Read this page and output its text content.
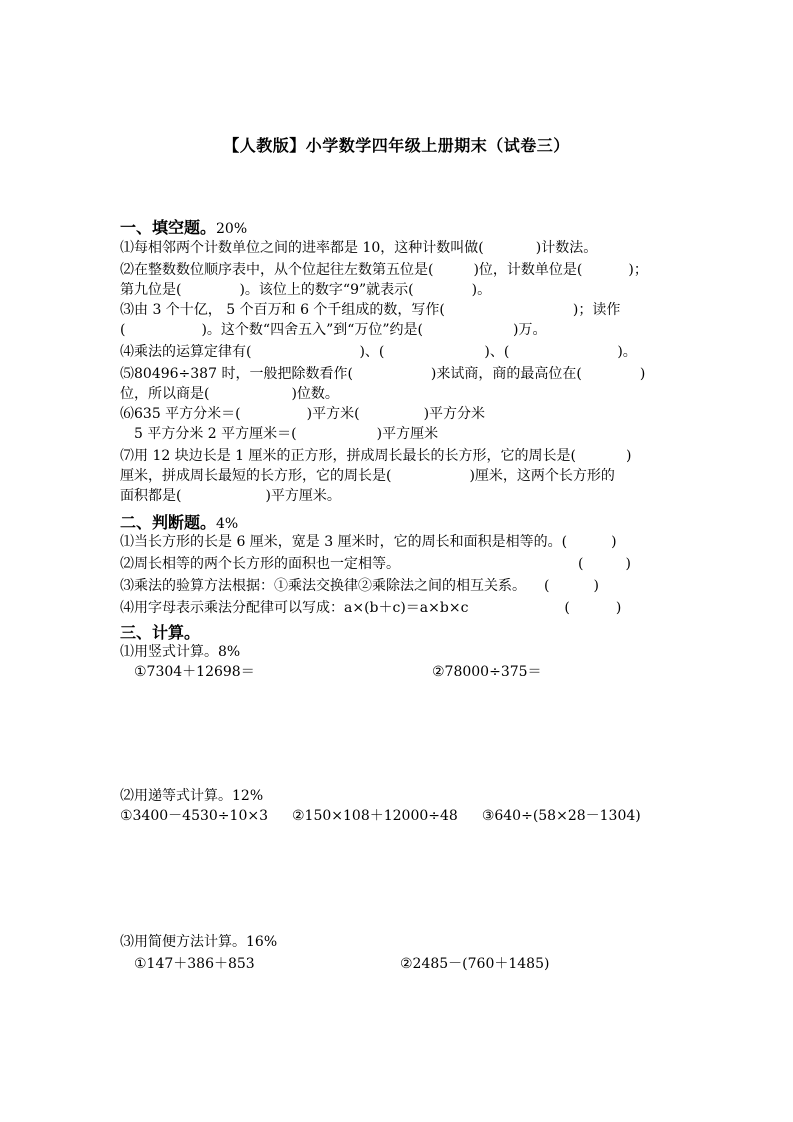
【人教版】小学数学四年级上册期末（试卷三）
一、填空题。20%
⑴每相邻两个计数单位之间的进率都是 10，这种计数叫做(	)计数法。
⑵在整数数位顺序表中，从个位起往左数第五位是(	)位，计数单位是(	)；
第九位是(	)。该位上的数字“9”就表示(	)。
⑶由 3 个十亿， 5 个百万和 6 个千组成的数，写作(	)；读作
(	)。这个数“四舍五入”到“万位”约是(	)万。
⑷乘法的运算定律有(	)、(	)、(	)。
⑸80496÷387 时，一般把除数看作(	)来试商，商的最高位在(	)
位，所以商是(	)位数。
⑹635 平方分米＝(	)平方米(	)平方分米
5 平方分米 2 平方厘米＝(	)平方厘米
⑺用 12 块边长是 1 厘米的正方形，拼成周长最长的长方形，它的周长是(	)
厘米，拼成周长最短的长方形，它的周长是(	)厘米，这两个长方形的
面积都是(	)平方厘米。
二、判断题。4%
⑴当长方形的长是 6 厘米，宽是 3 厘米时，它的周长和面积是相等的。(	)
⑵周长相等的两个长方形的面积也一定相等。	(	)
⑶乘法的验算方法根据：①乘法交换律②乘除法之间的相互关系。 (	)
⑷用字母表示乘法分配律可以写成：a×(b＋c)＝a×b×c	(	)
三、计算。
⑴用竖式计算。8%
①7304＋12698＝	②78000÷375＝
⑵用递等式计算。12%
①3400－4530÷10×3 ②150×108＋12000÷48 ③640÷(58×28－1304)
⑶用简便方法计算。16%
①147＋386＋853	②2485－(760＋1485)
